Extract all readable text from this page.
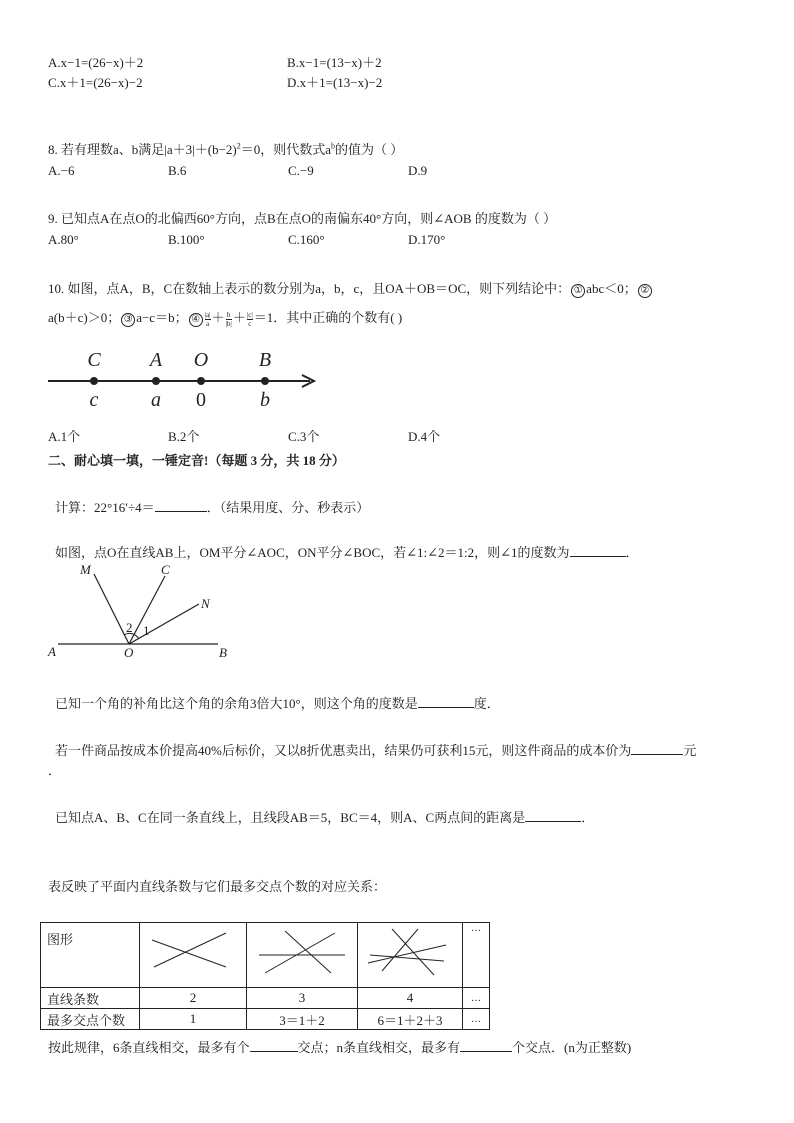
A.x−1=(26−x)＋2	B.x−1=(13−x)＋2
C.x＋1=(26−x)−2	D.x＋1=(13−x)−2
8. 若有理数a、b满足$|a+3|+(b-2)^2=0$，则代数式$a^b$的值为（ ）
A.−6	B.6	C.−9	D.9
9. 已知点A在点O的北偏西60°方向，点B在点O的南偏东40°方向，则∠AOB 的度数为（ ）
A.80°	B.100°	C.160°	D.170°
10. 如图，点A，B，C在数轴上表示的数分别为a，b，c，且OA＋OB＝OC，则下列结论中： ① abc＜0； ②
a(b＋c)＞0； ③ a−c＝b； ④ $\frac{|a|}{a} + \frac{b}{|b|} + \frac{|c|}{c} =1$．其中正确的个数有( )
C A O	B
c	a 0	b
A.1个	B.2个	C.3个	D.4个
二、耐心填一填，一锤定音!（每题 3 分，共 18 分）
计算：22°16′÷4＝	．（结果用度、分、秒表示）
如图，点O在直线AB上，OM平分∠AOC，ON平分∠BOC，若∠1:∠2＝1:2，则∠1的度数为	．
M	C
N
A	O	B
2 1
已知一个角的补角比这个角的余角3倍大10°，则这个角的度数是	度．
若一件商品按成本价提高40%后标价，又以8折优惠卖出，结果仍可获利15元，则这件商品的成本价为	元
．
已知点A、B、C在同一条直线上，且线段AB＝5，BC＝4，则A、C两点间的距离是	．
表反映了平面内直线条数与它们最多交点个数的对应关系：
图形				…
直线条数	2	3	4	…
最多交点个数	1	3＝1＋2	6＝1＋2＋3	…
按此规律，6条直线相交，最多有个	交点；n条直线相交，最多有	个交点．(n为正整数)
